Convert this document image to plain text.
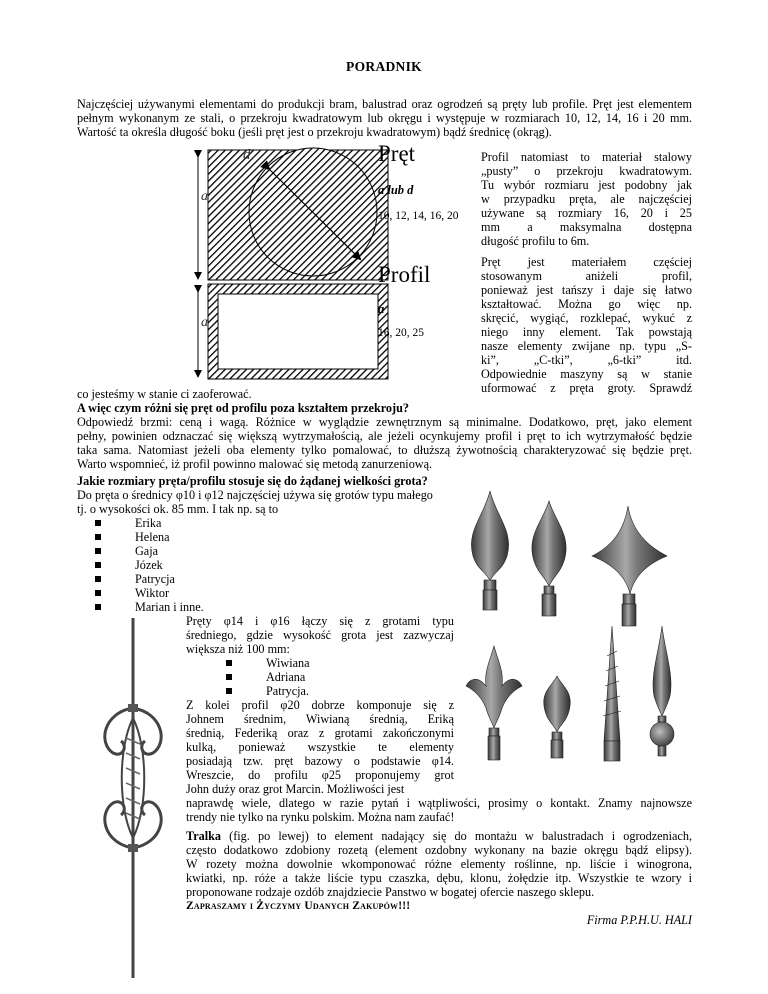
PORADNIK
Najczęściej używanymi elementami do produkcji bram, balustrad oraz ogrodzeń są pręty lub profile. Pręt jest elementem pełnym wykonanym ze stali, o przekroju kwadratowym lub okręgu i występuje w rozmiarach 10, 12, 14, 16 i 20 mm. Wartość ta określa długość boku (jeśli pręt jest o przekroju kwadratowym) bądź średnicę (okrąg).
d
a
a
Pręt
a lub d
10, 12, 14, 16, 20
Profil
a
16, 20, 25
Profil natomiast to materiał stalowy
„pusty” o przekroju kwadratowym.
Tu wybór rozmiaru jest podobny jak
w przypadku pręta, ale najczęściej
używane są rozmiary 16, 20 i 25
mm a maksymalna dostępna
długość profilu to 6m.
Pręt jest materiałem częściej
stosowanym aniżeli profil,
ponieważ jest tańszy i daje się łatwo
kształtować. Można go więc np.
skręcić, wygiąć, rozklepać, wykuć z
niego inny element. Tak powstają
nasze elementy zwijane np. typu „S-
ki”, „C-tki”, „6-tki” itd.
Odpowiednie maszyny są w stanie
uformować z pręta groty. Sprawdź
co jesteśmy w stanie ci zaoferować.
A więc czym różni się pręt od profilu poza kształtem przekroju?
Odpowiedź brzmi: ceną i wagą. Różnice w wyglądzie zewnętrznym są minimalne. Dodatkowo, pręt, jako element
pełny, powinien odznaczać się większą wytrzymałością, ale jeżeli ocynkujemy profil i pręt to ich wytrzymałość będzie
taka sama. Natomiast jeżeli oba elementy tylko pomalować, to dłuższą żywotnością charakteryzować się będzie pręt.
Warto wspomnieć, iż profil powinno malować się metodą zanurzeniową.
Jakie rozmiary pręta/profilu stosuje się do żądanej wielkości grota?
Do pręta o średnicy φ10 i φ12 najczęściej używa się grotów typu małego
tj. o wysokości ok. 85 mm. I tak np. są to
Erika
Helena
Gaja
Józek
Patrycja
Wiktor
Marian i inne.
Pręty φ14 i φ16 łączy się z grotami typu
średniego, gdzie wysokość grota jest zazwyczaj
większa niż 100 mm:
Wiwiana
Adriana
Patrycja.
Z kolei profil φ20 dobrze komponuje się z
Johnem średnim, Wiwianą średnią, Eriką
średnią, Federiką oraz z grotami zakończonymi
kulką, ponieważ wszystkie te elementy
posiadają tzw. pręt bazowy o podstawie φ14.
Wreszcie, do profilu φ25 proponujemy grot
John duży oraz grot Marcin. Możliwości jest
naprawdę wiele, dlatego w razie pytań i wątpliwości, prosimy o kontakt. Znamy najnowsze
trendy nie tylko na rynku polskim. Można nam zaufać!
Tralka (fig. po lewej) to element nadający się do montażu w balustradach i ogrodzeniach,
często dodatkowo zdobiony rozetą (element ozdobny wykonany na bazie okręgu bądź elipsy).
W rozety można dowolnie wkomponować różne elementy roślinne, np. liście i winogrona,
kwiatki, np. róże a także liście typu czaszka, dębu, klonu, żołędzie itp. Wszystkie te wzory i
proponowane rodzaje ozdób znajdziecie Panstwo w bogatej ofercie naszego sklepu.
Zapraszamy i Życzymy Udanych Zakupów!!!
Firma P.P.H.U. HALI
